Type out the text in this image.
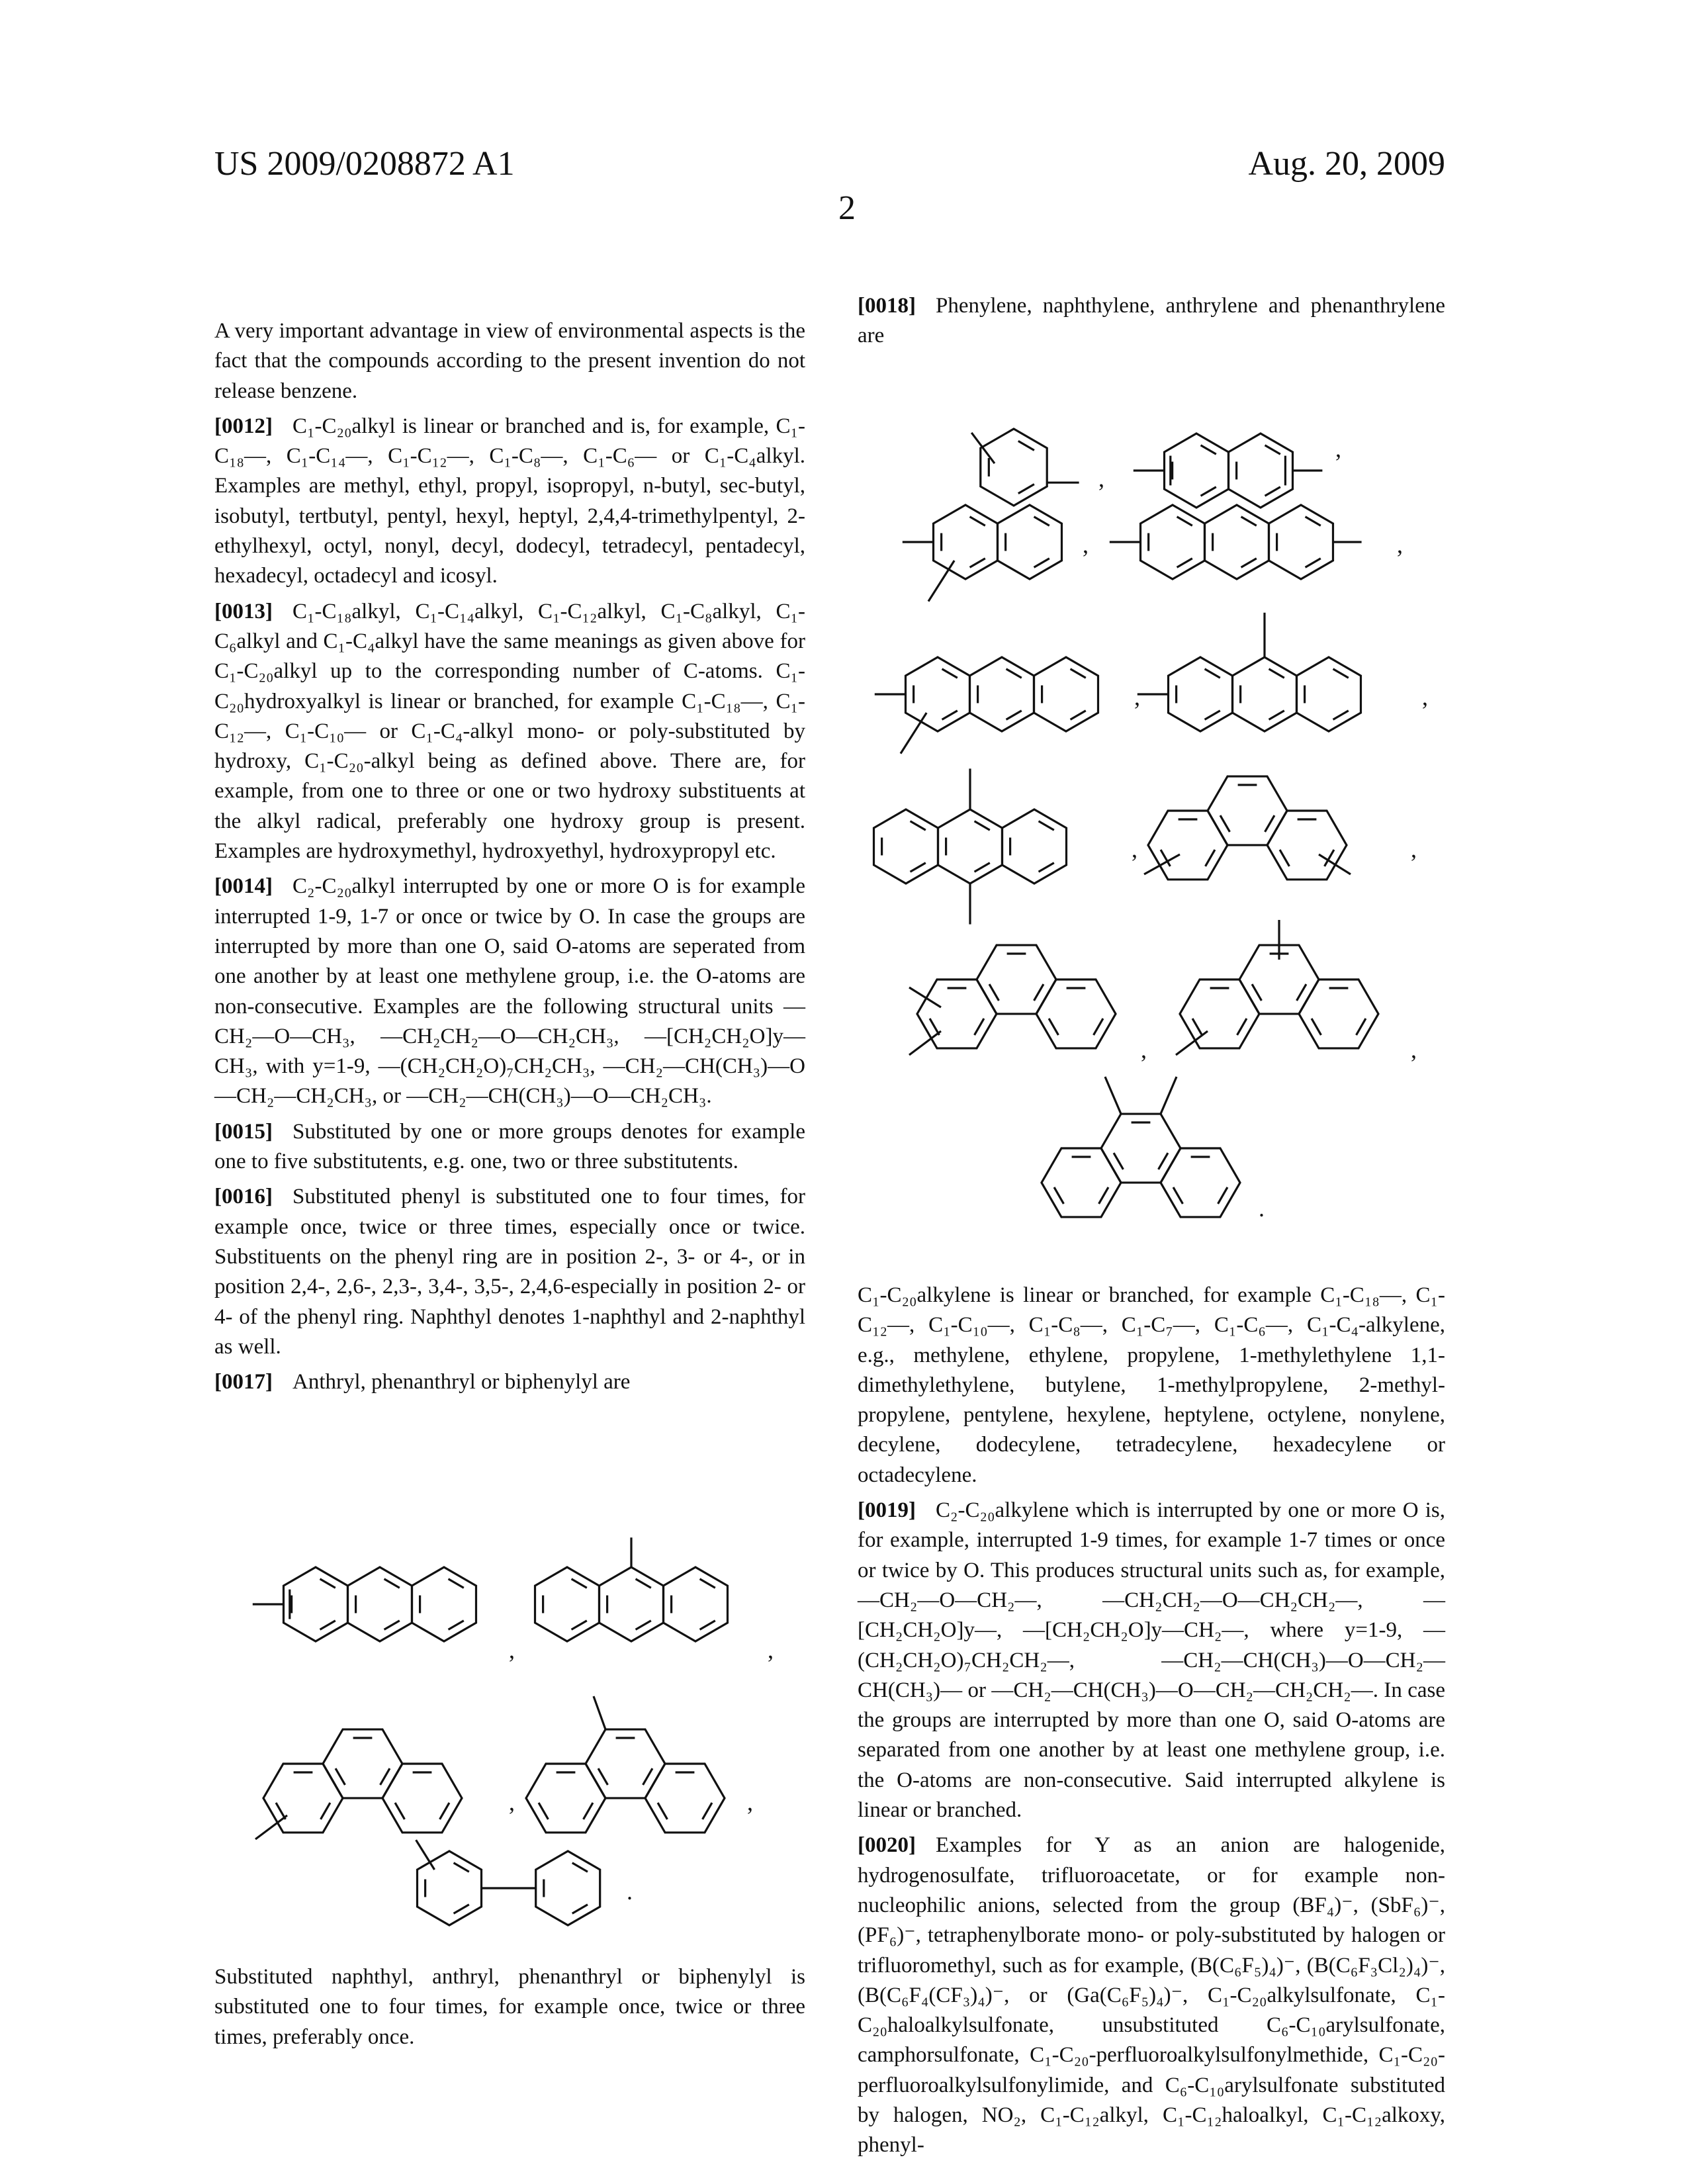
US 2009/0208872 A1	Aug. 20, 2009
2

A very important advantage in view of environmental aspects is the fact that the compounds according to the present invention do not release benzene.

[0012] C₁-C₂₀alkyl is linear or branched and is, for example, C₁-C₁₈—, C₁-C₁₄—, C₁-C₁₂—, C₁-C₈—, C₁-C₆— or C₁-C₄alkyl. Examples are methyl, ethyl, propyl, isopropyl, n-butyl, sec-butyl, isobutyl, tertbutyl, pentyl, hexyl, heptyl, 2,4,4-trimethylpentyl, 2-ethylhexyl, octyl, nonyl, decyl, dodecyl, tetradecyl, pentadecyl, hexadecyl, octadecyl and icosyl.

[0013] C₁-C₁₈alkyl, C₁-C₁₄alkyl, C₁-C₁₂alkyl, C₁-C₈alkyl, C₁-C₆alkyl and C₁-C₄alkyl have the same meanings as given above for C₁-C₂₀alkyl up to the corresponding number of C-atoms. C₁-C₂₀hydroxyalkyl is linear or branched, for example C₁-C₁₈—, C₁-C₁₂—, C₁-C₁₀— or C₁-C₄-alkyl mono- or poly-substituted by hydroxy, C₁-C₂₀-alkyl being as defined above. There are, for example, from one to three or one or two hydroxy substituents at the alkyl radical, preferably one hydroxy group is present. Examples are hydroxymethyl, hydroxyethyl, hydroxypropyl etc.

[0014] C₂-C₂₀alkyl interrupted by one or more O is for example interrupted 1-9, 1-7 or once or twice by O. In case the groups are interrupted by more than one O, said O-atoms are seperated from one another by at least one methylene group, i.e. the O-atoms are non-consecutive. Examples are the following structural units —CH₂—O—CH₃, —CH₂CH₂—O—CH₂CH₃, —[CH₂CH₂O]y—CH₃, with y=1-9, —(CH₂CH₂O)₇CH₂CH₃, —CH₂—CH(CH₃)—O—CH₂—CH₂CH₃, or —CH₂—CH(CH₃)—O—CH₂CH₃.

[0015] Substituted by one or more groups denotes for example one to five substitutents, e.g. one, two or three substitutents.

[0016] Substituted phenyl is substituted one to four times, for example once, twice or three times, especially once or twice. Substituents on the phenyl ring are in position 2-, 3- or 4-, or in position 2,4-, 2,6-, 2,3-, 3,4-, 3,5-, 2,4,6-especially in position 2- or 4- of the phenyl ring. Naphthyl denotes 1-naphthyl and 2-naphthyl as well.

[0017] Anthryl, phenanthryl or biphenylyl are

Substituted naphthyl, anthryl, phenanthryl or biphenylyl is substituted one to four times, for example once, twice or three times, preferably once.

[0018] Phenylene, naphthylene, anthrylene and phenanthrylene are

C₁-C₂₀alkylene is linear or branched, for example C₁-C₁₈—, C₁-C₁₂—, C₁-C₁₀—, C₁-C₈—, C₁-C₇—, C₁-C₆—, C₁-C₄-alkylene, e.g., methylene, ethylene, propylene, 1-methylethylene 1,1-dimethylethylene, butylene, 1-methylpropylene, 2-methyl-propylene, pentylene, hexylene, heptylene, octylene, nonylene, decylene, dodecylene, tetradecylene, hexadecylene or octadecylene.

[0019] C₂-C₂₀alkylene which is interrupted by one or more O is, for example, interrupted 1-9 times, for example 1-7 times or once or twice by O. This produces structural units such as, for example, —CH₂—O—CH₂—, —CH₂CH₂—O—CH₂CH₂—, —[CH₂CH₂O]y—, —[CH₂CH₂O]y—CH₂—, where y=1-9, —(CH₂CH₂O)₇CH₂CH₂—, —CH₂—CH(CH₃)—O—CH₂—CH(CH₃)— or —CH₂—CH(CH₃)—O—CH₂—CH₂CH₂—. In case the groups are interrupted by more than one O, said O-atoms are separated from one another by at least one methylene group, i.e. the O-atoms are non-consecutive. Said interrupted alkylene is linear or branched.

[0020] Examples for Y as an anion are halogenide, hydrogenosulfate, trifluoroacetate, or for example non-nucleophilic anions, selected from the group (BF₄)⁻, (SbF₆)⁻, (PF₆)⁻, tetraphenylborate mono- or poly-substituted by halogen or trifluoromethyl, such as for example, (B(C₆F₅)₄)⁻, (B(C₆F₃Cl₂)₄)⁻, (B(C₆F₄(CF₃)₄)⁻, or (Ga(C₆F₅)₄)⁻, C₁-C₂₀alkylsulfonate, C₁-C₂₀haloalkylsulfonate, unsubstituted C₆-C₁₀arylsulfonate, camphorsulfonate, C₁-C₂₀-perfluoroalkylsulfonylmethide, C₁-C₂₀-perfluoroalkylsulfonylimide, and C₆-C₁₀arylsulfonate substituted by halogen, NO₂, C₁-C₁₂alkyl, C₁-C₁₂haloalkyl, C₁-C₁₂alkoxy, phenyl-

,
,
,	,
,	,
,	,
,	,
.
,	,
,	,
.
